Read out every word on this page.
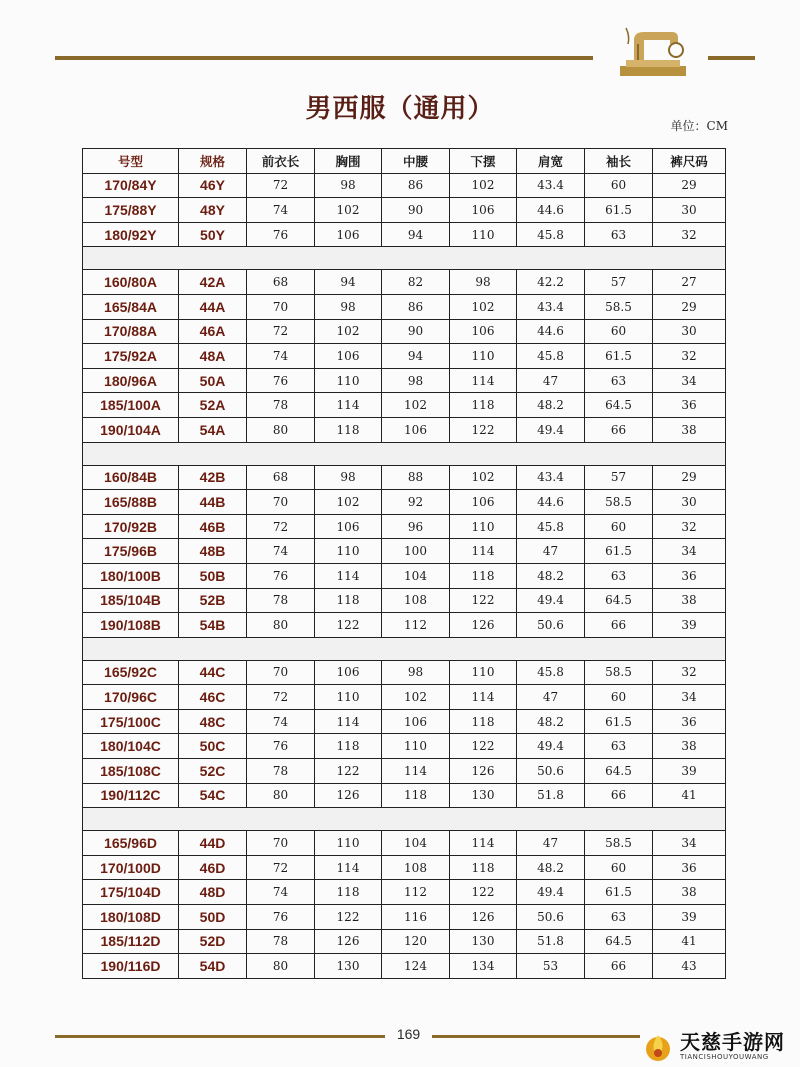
男西服（通用）
单位：CM
号型	规格	前衣长	胸围	中腰	下摆	肩宽	袖长	裤尺码
170/84Y	46Y	72	98	86	102	43.4	60	29
175/88Y	48Y	74	102	90	106	44.6	61.5	30
180/92Y	50Y	76	106	94	110	45.8	63	32

160/80A	42A	68	94	82	98	42.2	57	27
165/84A	44A	70	98	86	102	43.4	58.5	29
170/88A	46A	72	102	90	106	44.6	60	30
175/92A	48A	74	106	94	110	45.8	61.5	32
180/96A	50A	76	110	98	114	47	63	34
185/100A	52A	78	114	102	118	48.2	64.5	36
190/104A	54A	80	118	106	122	49.4	66	38

160/84B	42B	68	98	88	102	43.4	57	29
165/88B	44B	70	102	92	106	44.6	58.5	30
170/92B	46B	72	106	96	110	45.8	60	32
175/96B	48B	74	110	100	114	47	61.5	34
180/100B	50B	76	114	104	118	48.2	63	36
185/104B	52B	78	118	108	122	49.4	64.5	38
190/108B	54B	80	122	112	126	50.6	66	39

165/92C	44C	70	106	98	110	45.8	58.5	32
170/96C	46C	72	110	102	114	47	60	34
175/100C	48C	74	114	106	118	48.2	61.5	36
180/104C	50C	76	118	110	122	49.4	63	38
185/108C	52C	78	122	114	126	50.6	64.5	39
190/112C	54C	80	126	118	130	51.8	66	41

165/96D	44D	70	110	104	114	47	58.5	34
170/100D	46D	72	114	108	118	48.2	60	36
175/104D	48D	74	118	112	122	49.4	61.5	38
180/108D	50D	76	122	116	126	50.6	63	39
185/112D	52D	78	126	120	130	51.8	64.5	41
190/116D	54D	80	130	124	134	53	66	43
169	天慈手游网
TIANCISHOUYOUWANG
